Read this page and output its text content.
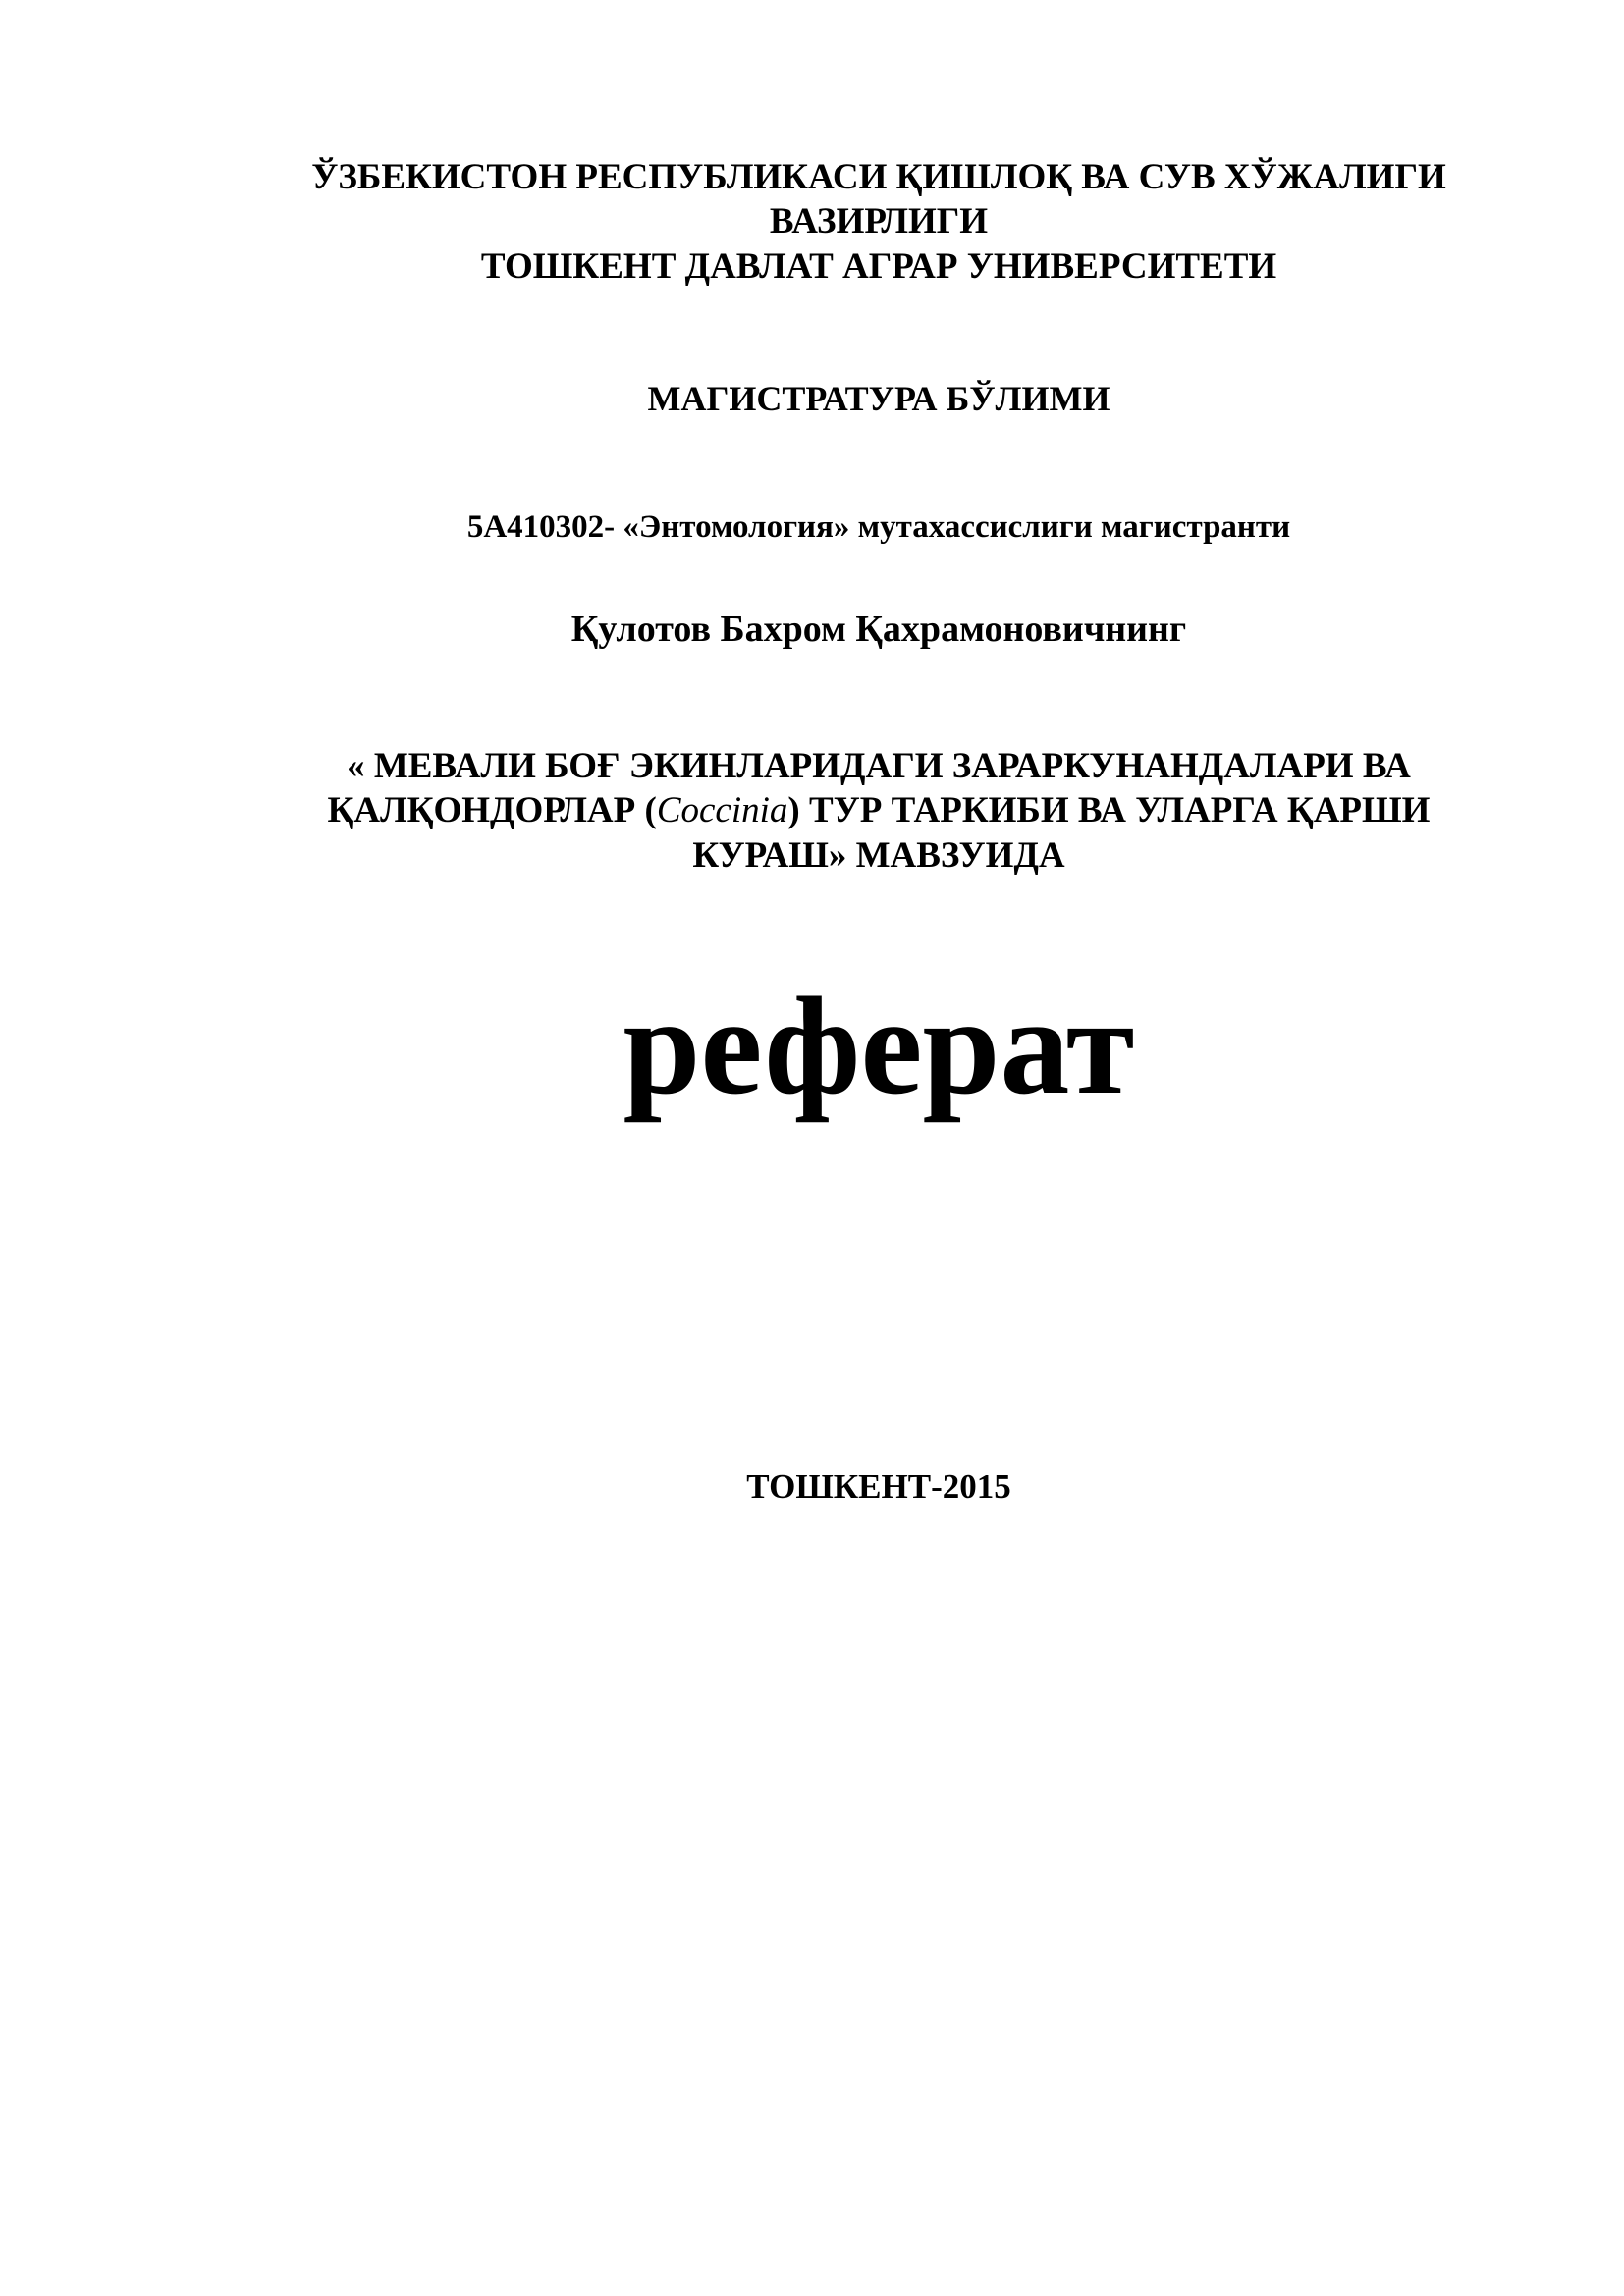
ЎЗБЕКИСТОН РЕСПУБЛИКАСИ ҚИШЛОҚ ВА СУВ ХЎЖАЛИГИ
ВАЗИРЛИГИ
ТОШКЕНТ ДАВЛАТ АГРАР УНИВЕРСИТЕТИ
МАГИСТРАТУРА БЎЛИМИ
5A410302- «Энтомология» мутахассислиги магистранти
Қулотов Бахром Қахрамоновичнинг
« МЕВАЛИ БОҒ ЭКИНЛАРИДАГИ ЗАРАРКУНАНДАЛАРИ ВА
ҚАЛҚОНДОРЛАР (Coccinia) ТУР ТАРКИБИ ВА УЛАРГА ҚАРШИ
КУРАШ» МАВЗУИДА
реферат
ТОШКЕНТ-2015
